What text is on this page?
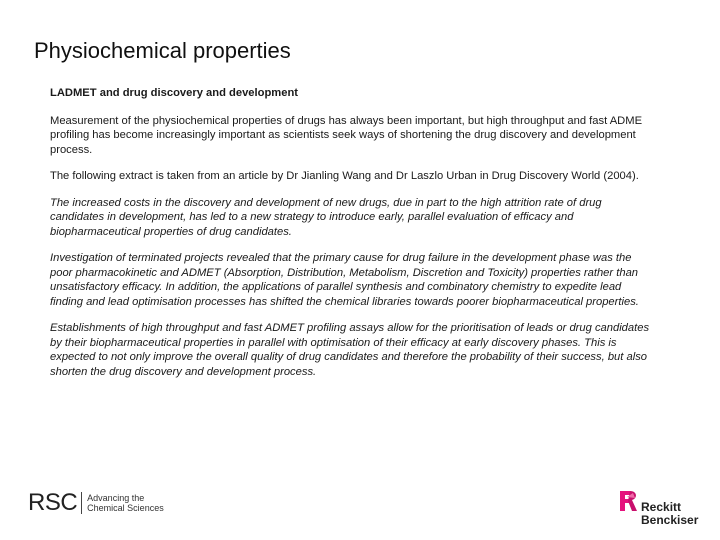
Physiochemical properties

LADMET and drug discovery and development

Measurement of the physiochemical properties of drugs has always been important, but high throughput and fast ADME profiling has become increasingly important as scientists seek ways of shortening the drug discovery and development process.

The following extract is taken from an article by Dr Jianling Wang and Dr Laszlo Urban in Drug Discovery World (2004).

The increased costs in the discovery and development of new drugs, due in part to the high attrition rate of drug candidates in development, has led to a new strategy to introduce early, parallel evaluation of efficacy and biopharmaceutical properties of drug candidates.

Investigation of terminated projects revealed that the primary cause for drug failure in the development phase was the poor pharmacokinetic and ADMET (Absorption, Distribution, Metabolism, Discretion and Toxicity) properties rather than unsatisfactory efficacy. In addition, the applications of parallel synthesis and combinatory chemistry to expedite lead finding and lead optimisation processes has shifted the chemical libraries towards poorer biopharmaceutical properties.

Establishments of high throughput and fast ADMET profiling assays allow for the prioritisation of leads or drug candidates by their biopharmaceutical properties in parallel with optimisation of their efficacy at early discovery phases. This is expected to not only improve the overall quality of drug candidates and therefore the probability of their success, but also shorten the drug discovery and development process.

RSC Advancing the
Chemical Sciences	Reckitt
Benckiser
